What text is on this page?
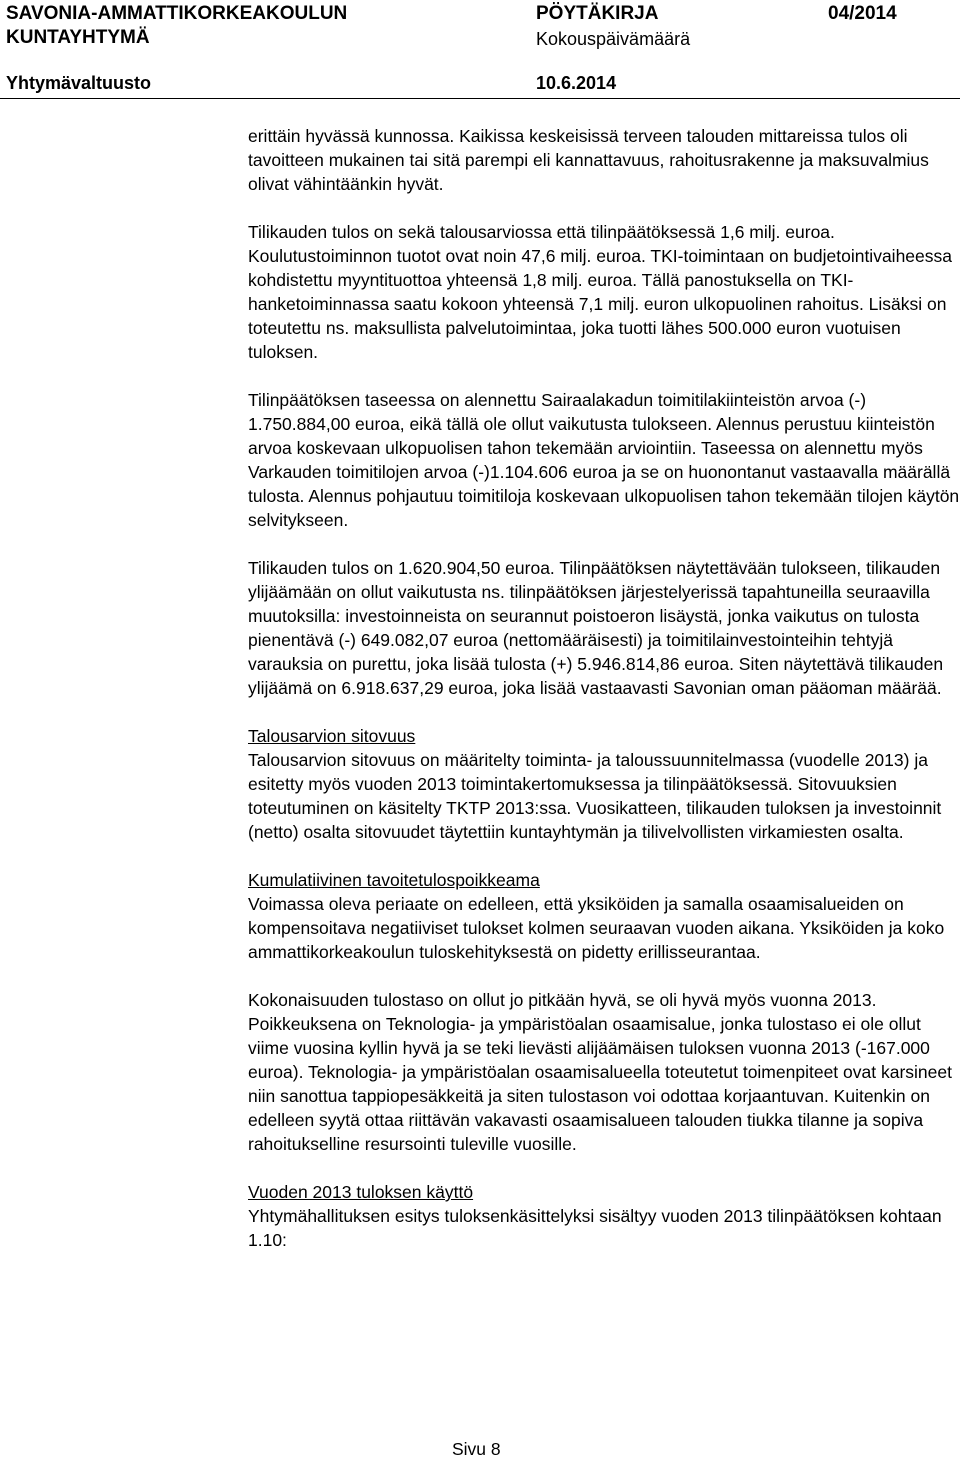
SAVONIA-AMMATTIKORKEAKOULUN
KUNTAYHTYMÄ
PÖYTÄKIRJA	04/2014
Kokouspäivämäärä
Yhtymävaltuusto	10.6.2014

erittäin hyvässä kunnossa. Kaikissa keskeisissä terveen talouden mittareissa tulos oli tavoitteen mukainen tai sitä parempi eli kannattavuus, rahoitusrakenne ja maksuvalmius olivat vähintäänkin hyvät.

Tilikauden tulos on sekä talousarviossa että tilinpäätöksessä 1,6 milj. euroa. Koulutustoiminnon tuotot ovat noin 47,6 milj. euroa. TKI-toimintaan on budjetointivaiheessa kohdistettu myyntituottoa yhteensä 1,8 milj. euroa. Tällä panostuksella on TKI-hanketoiminnassa saatu kokoon yhteensä 7,1 milj. euron ulkopuolinen rahoitus. Lisäksi on toteutettu ns. maksullista palvelutoimintaa, joka tuotti lähes 500.000 euron vuotuisen tuloksen.

Tilinpäätöksen taseessa on alennettu Sairaalakadun toimitilakiinteistön arvoa (-) 1.750.884,00 euroa, eikä tällä ole ollut vaikutusta tulokseen. Alennus perustuu kiinteistön arvoa koskevaan ulkopuolisen tahon tekemään arviointiin. Taseessa on alennettu myös Varkauden toimitilojen arvoa (-)1.104.606 euroa ja se on huonontanut vastaavalla määrällä tulosta. Alennus pohjautuu toimitiloja koskevaan ulkopuolisen tahon tekemään tilojen käytön selvitykseen.

Tilikauden tulos on 1.620.904,50 euroa. Tilinpäätöksen näytettävään tulokseen, tilikauden ylijäämään on ollut vaikutusta ns. tilinpäätöksen järjestelyerissä tapahtuneilla seuraavilla muutoksilla: investoinneista on seurannut poistoeron lisäystä, jonka vaikutus on tulosta pienentävä (-) 649.082,07 euroa (nettomääräisesti) ja toimitilainvestointeihin tehtyjä varauksia on purettu, joka lisää tulosta (+) 5.946.814,86 euroa. Siten näytettävä tilikauden ylijäämä on 6.918.637,29 euroa, joka lisää vastaavasti Savonian oman pääoman määrää.

Talousarvion sitovuus

Talousarvion sitovuus on määritelty toiminta- ja taloussuunnitelmassa (vuodelle 2013) ja esitetty myös vuoden 2013 toimintakertomuksessa ja tilinpäätöksessä. Sitovuuksien toteutuminen on käsitelty TKTP 2013:ssa. Vuosikatteen, tilikauden tuloksen ja investoinnit (netto) osalta sitovuudet täytettiin kuntayhtymän ja tilivelvollisten virkamiesten osalta.

Kumulatiivinen tavoitetulospoikkeama

Voimassa oleva periaate on edelleen, että yksiköiden ja samalla osaamisalueiden on kompensoitava negatiiviset tulokset kolmen seuraavan vuoden aikana. Yksiköiden ja koko ammattikorkeakoulun tuloskehityksestä on pidetty erillisseurantaa.

Kokonaisuuden tulostaso on ollut jo pitkään hyvä, se oli hyvä myös vuonna 2013. Poikkeuksena on Teknologia- ja ympäristöalan osaamisalue, jonka tulostaso ei ole ollut viime vuosina kyllin hyvä ja se teki lievästi alijäämäisen tuloksen vuonna 2013 (-167.000 euroa). Teknologia- ja ympäristöalan osaamisalueella toteutetut toimenpiteet ovat karsineet niin sanottua tappiopesäkkeitä ja siten tulostason voi odottaa korjaantuvan. Kuitenkin on edelleen syytä ottaa riittävän vakavasti osaamisalueen talouden tiukka tilanne ja sopiva rahoitukselline resursointi tuleville vuosille.

Vuoden 2013 tuloksen käyttö

Yhtymähallituksen esitys tuloksenkäsittelyksi sisältyy vuoden 2013 tilinpäätöksen kohtaan 1.10:

Sivu 8
